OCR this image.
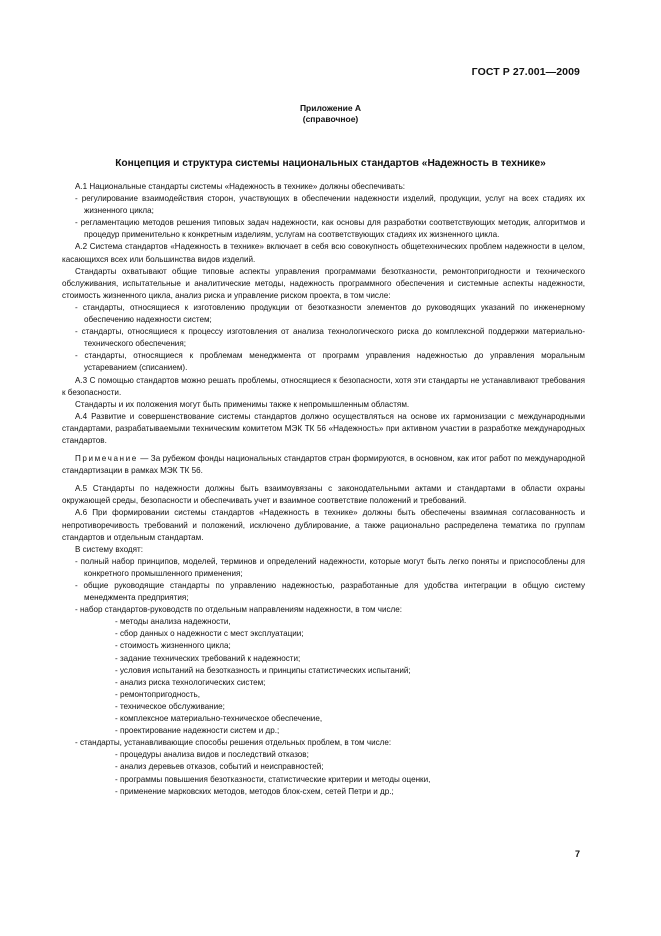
ГОСТ Р 27.001—2009
Приложение А
(справочное)
Концепция и структура системы национальных стандартов «Надежность в технике»

А.1 Национальные стандарты системы «Надежность в технике» должны обеспечивать:

- регулирование взаимодействия сторон, участвующих в обеспечении надежности изделий, продукции, услуг на всех стадиях их жизненного цикла;

- регламентацию методов решения типовых задач надежности, как основы для разработки соответствующих методик, алгоритмов и процедур применительно к конкретным изделиям, услугам на соответствующих стадиях их жизненного цикла.

А.2 Система стандартов «Надежность в технике» включает в себя всю совокупность общетехнических проблем надежности в целом, касающихся всех или большинства видов изделий.

Стандарты охватывают общие типовые аспекты управления программами безотказности, ремонтопригодности и технического обслуживания, испытательные и аналитические методы, надежность программного обеспечения и системные аспекты надежности, стоимость жизненного цикла, анализ риска и управление риском проекта, в том числе:

- стандарты, относящиеся к изготовлению продукции от безотказности элементов до руководящих указаний по инженерному обеспечению надежности систем;

- стандарты, относящиеся к процессу изготовления от анализа технологического риска до комплексной поддержки материально-технического обеспечения;

- стандарты, относящиеся к проблемам менеджмента от программ управления надежностью до управления моральным устареванием (списанием).

А.3 С помощью стандартов можно решать проблемы, относящиеся к безопасности, хотя эти стандарты не устанавливают требования к безопасности.

Стандарты и их положения могут быть применимы также к непромышленным областям.

А.4 Развитие и совершенствование системы стандартов должно осуществляться на основе их гармонизации с международными стандартами, разрабатываемыми техническим комитетом МЭК ТК 56 «Надежность» при активном участии в разработке международных стандартов.

Примечание — За рубежом фонды национальных стандартов стран формируются, в основном, как итог работ по международной стандартизации в рамках МЭК ТК 56.

А.5 Стандарты по надежности должны быть взаимоувязаны с законодательными актами и стандартами в области охраны окружающей среды, безопасности и обеспечивать учет и взаимное соответствие положений и требований.

А.6 При формировании системы стандартов «Надежность в технике» должны быть обеспечены взаимная согласованность и непротиворечивость требований и положений, исключено дублирование, а также рационально распределена тематика по группам стандартов и отдельным стандартам.

В систему входят:

- полный набор принципов, моделей, терминов и определений надежности, которые могут быть легко поняты и приспособлены для конкретного промышленного применения;

- общие руководящие стандарты по управлению надежностью, разработанные для удобства интеграции в общую систему менеджмента предприятия;

- набор стандартов-руководств по отдельным направлениям надежности, в том числе:

- методы анализа надежности,

- сбор данных о надежности с мест эксплуатации;

- стоимость жизненного цикла;

- задание технических требований к надежности;

- условия испытаний на безотказность и принципы статистических испытаний;

- анализ риска технологических систем;

- ремонтопригодность,

- техническое обслуживание;

- комплексное материально-техническое обеспечение,

- проектирование надежности систем и др.;

- стандарты, устанавливающие способы решения отдельных проблем, в том числе:

- процедуры анализа видов и последствий отказов;

- анализ деревьев отказов, событий и неисправностей;

- программы повышения безотказности, статистические критерии и методы оценки,

- применение марковских методов, методов блок-схем, сетей Петри и др.;

7
